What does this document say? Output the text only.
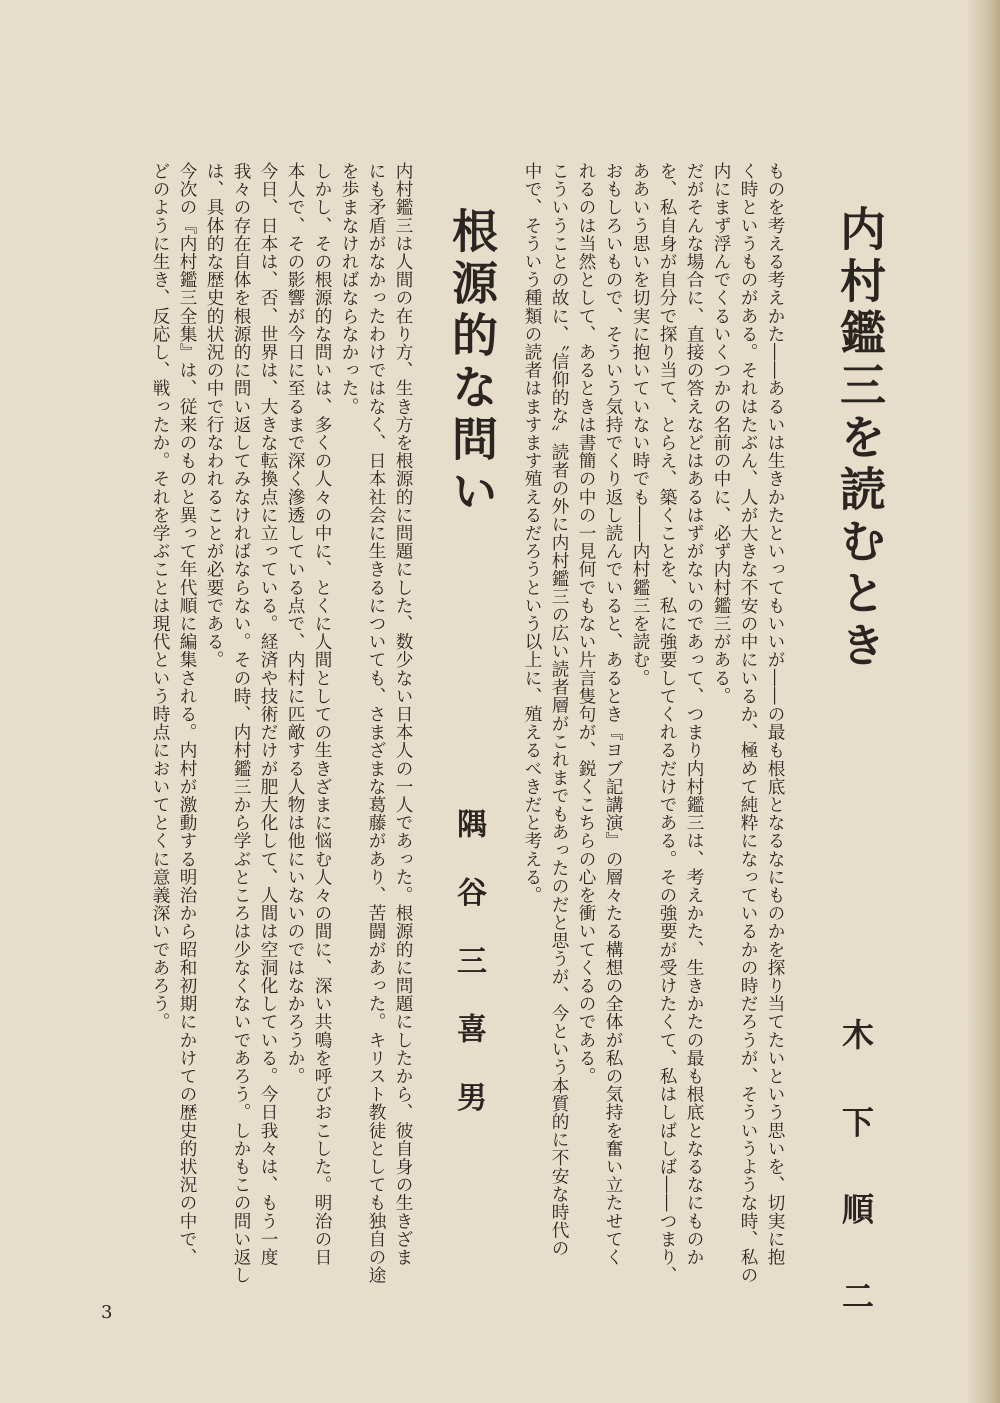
内村鑑三を読むとき
木 下 順 二

ものを考える考えかた――あるいは生きかたといってもいいが――の最も根底となるなにものかを探り当てたいという思いを、切実に抱

く時というものがある。それはたぶん、人が大きな不安の中にいるか、極めて純粋になっているかの時だろうが、そういうような時、私の

内にまず浮んでくるいくつかの名前の中に、必ず内村鑑三がある。

だがそんな場合に、直接の答えなどはあるはずがないのであって、つまり内村鑑三は、考えかた、生きかたの最も根底となるなにものか

を、私自身が自分で探り当て、とらえ、築くことを、私に強要してくれるだけである。その強要が受けたくて、私はしばしば――つまり、

ああいう思いを切実に抱いていない時でも――内村鑑三を読む。

おもしろいもので、そういう気持でくり返し読んでいると、あるとき『ヨブ記講演』の層々たる構想の全体が私の気持を奮い立たせてく

れるのは当然として、あるときは書簡の中の一見何でもない片言隻句が、鋭くこちらの心を衝いてくるのである。

こういうことの故に、〝信仰的な〟読者の外に内村鑑三の広い読者層がこれまでもあったのだと思うが、今という本質的に不安な時代の

中で、そういう種類の読者はますます殖えるだろうという以上に、殖えるべきだと考える。

根源的な問い
隅 谷 三 喜 男

内村鑑三は人間の在り方、生き方を根源的に問題にした、数少ない日本人の一人であった。根源的に問題にしたから、彼自身の生きざま

にも矛盾がなかったわけではなく、日本社会に生きるについても、さまざまな葛藤があり、苦闘があった。キリスト教徒としても独自の途

を歩まなければならなかった。

しかし、その根源的な問いは、多くの人々の中に、とくに人間としての生きざまに悩む人々の間に、深い共鳴を呼びおこした。明治の日

本人で、その影響が今日に至るまで深く滲透している点で、内村に匹敵する人物は他にいないのではなかろうか。

今日、日本は、否、世界は、大きな転換点に立っている。経済や技術だけが肥大化して、人間は空洞化している。今日我々は、もう一度

我々の存在自体を根源的に問い返してみなければならない。その時、内村鑑三から学ぶところは少なくないであろう。しかもこの問い返し

は、具体的な歴史的状況の中で行なわれることが必要である。

今次の『内村鑑三全集』は、従来のものと異って年代順に編集される。内村が激動する明治から昭和初期にかけての歴史的状況の中で、

どのように生き、反応し、戦ったか。それを学ぶことは現代という時点においてとくに意義深いであろう。

3
